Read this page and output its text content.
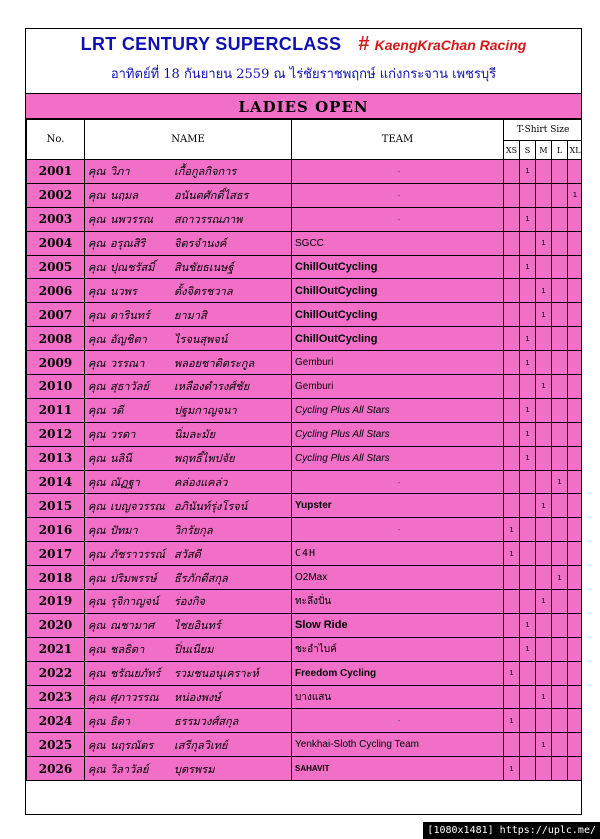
LRT CENTURY SUPERCLASS # KaengKraChan Racing
อาทิตย์ที่ 18 กันยายน 2559 ณ ไร่ชัยราชพฤกษ์ แก่งกระจาน เพชรบุรี
LADIES OPEN
No.	NAME	TEAM	T-Shirt Size				
			XS	S	M	L	XL
2001	คุณ วิภา เกื้อกูลกิจการ	-		1			
2002	คุณ นฤมล อนันตศักดิ์ไสธร	-					1
2003	คุณ นพวรรณ สถาวรรณภาพ	-		1			
2004	คุณ อรุณสิริ จิตรจำนงค์	SGCC			1		
2005	คุณ ปุณชรัสมิ์ สินชัยธเนษฐ์	ChillOutCycling		1			
2006	คุณ นวพร ตั้งจิตรชวาล	ChillOutCycling			1		
2007	คุณ ดารินทร์ ยามาสิ	ChillOutCycling			1		
2008	คุณ อัญชิตา ไรจนสุพจน์	ChillOutCycling		1			
2009	คุณ วรรณา พลอยชาติตระกูล	Gemburi		1			
2010	คุณ สุธาวัลย์ เหลืองดำรงศ์ชัย	Gemburi			1		
2011	คุณ วดี ปฐมกาญจนา	Cycling Plus All Stars		1			
2012	คุณ วรดา นิ่มละมัย	Cycling Plus All Stars		1			
2013	คุณ นลินี พฤทธิ์ไพปจัย	Cycling Plus All Stars		1			
2014	คุณ ณัฏฐา คล่องแคล่ว	-				1	
2015	คุณ เบญจวรรณ อภินันท์รุ่งโรจน์	Yupster			1		
2016	คุณ ปัทมา วิกรัยกุล	-	1				
2017	คุณ ภัชราวรรณ์ สวัสดี	C4H	1				
2018	คุณ ปริมพรรษ์ ธีรภักดีสกุล	O2Max				1	
2019	คุณ รุจิกาญจน์ ร่องกิจ	ทะลึ่งปั่น			1		
2020	คุณ ณชามาศ ไชยอินทร์	Slow Ride		1			
2021	คุณ ชลธิดา ปิ่นเนียม	ชะอำไบค์		1			
2022	คุณ ชรัณยภัทร์ รวมชนอนุเคราะห์	Freedom Cycling	1				
2023	คุณ ศุภาวรรณ หน่องพงษ์	บางแสน			1		
2024	คุณ ธิดา ธรรมวงศ์สกุล	-	1				
2025	คุณ นฤรณัตร เสรีกุลวิเทย์	Yenkhai-Sloth Cycling Team			1		
2026	คุณ วิลาวัลย์ บุตรพรม	SAHAVIT	1				
[1080x1481] https://uplc.me/
